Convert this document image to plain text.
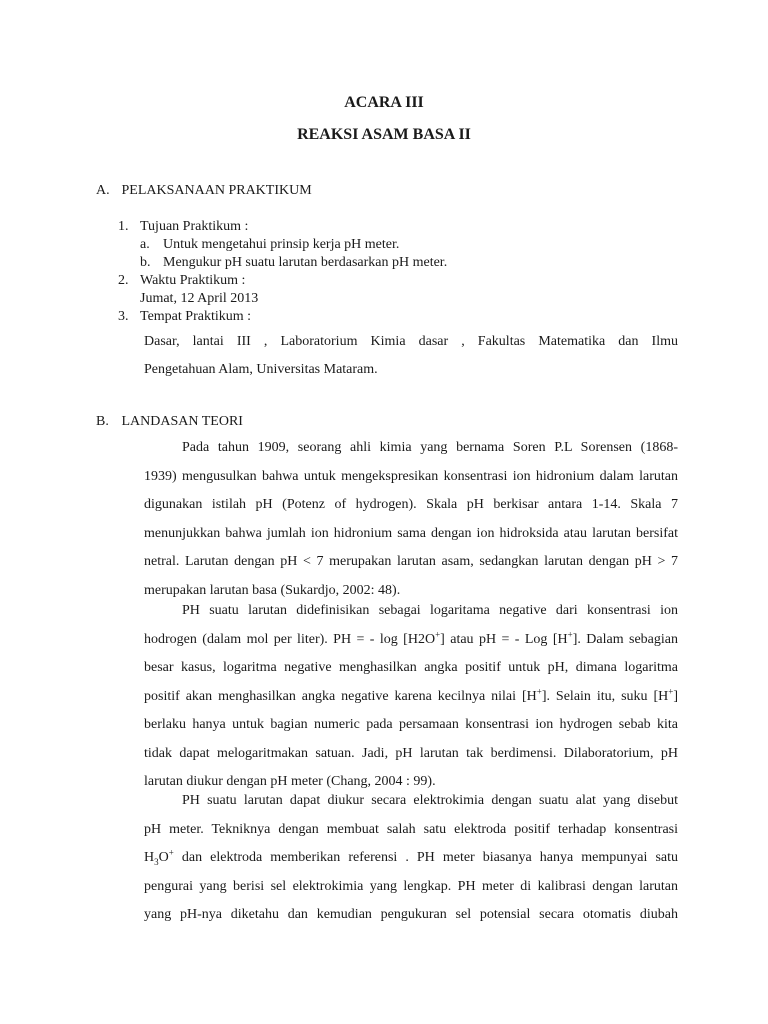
ACARA III
REAKSI ASAM BASA II
A. PELAKSANAAN PRAKTIKUM
1. Tujuan Praktikum :
a. Untuk mengetahui prinsip kerja pH meter.
b. Mengukur pH suatu larutan berdasarkan pH meter.
2. Waktu Praktikum :
Jumat, 12 April 2013
3. Tempat Praktikum :
Dasar, lantai III , Laboratorium Kimia dasar , Fakultas Matematika dan Ilmu
Pengetahuan Alam, Universitas Mataram.
B. LANDASAN TEORI
Pada tahun 1909, seorang ahli kimia yang bernama Soren P.L Sorensen (1868-
1939) mengusulkan bahwa untuk mengekspresikan konsentrasi ion hidronium dalam larutan
digunakan istilah pH (Potenz of hydrogen). Skala pH berkisar antara 1-14. Skala 7
menunjukkan bahwa jumlah ion hidronium sama dengan ion hidroksida atau larutan bersifat
netral. Larutan dengan pH < 7 merupakan larutan asam, sedangkan larutan dengan pH > 7
merupakan larutan basa (Sukardjo, 2002: 48).
PH suatu larutan didefinisikan sebagai logaritama negative dari konsentrasi ion
hodrogen (dalam mol per liter). PH = - log [H2O+] atau pH = - Log [H+]. Dalam sebagian
besar kasus, logaritma negative menghasilkan angka positif untuk pH, dimana logaritma
positif akan menghasilkan angka negative karena kecilnya nilai [H+]. Selain itu, suku [H+]
berlaku hanya untuk bagian numeric pada persamaan konsentrasi ion hydrogen sebab kita
tidak dapat melogaritmakan satuan. Jadi, pH larutan tak berdimensi. Dilaboratorium, pH
larutan diukur dengan pH meter (Chang, 2004 : 99).
PH suatu larutan dapat diukur secara elektrokimia dengan suatu alat yang disebut
pH meter. Tekniknya dengan membuat salah satu elektroda positif terhadap konsentrasi
$H_3O^+$ dan elektroda memberikan referensi . PH meter biasanya hanya mempunyai satu
pengurai yang berisi sel elektrokimia yang lengkap. PH meter di kalibrasi dengan larutan
yang pH-nya diketahu dan kemudian pengukuran sel potensial secara otomatis diubah
